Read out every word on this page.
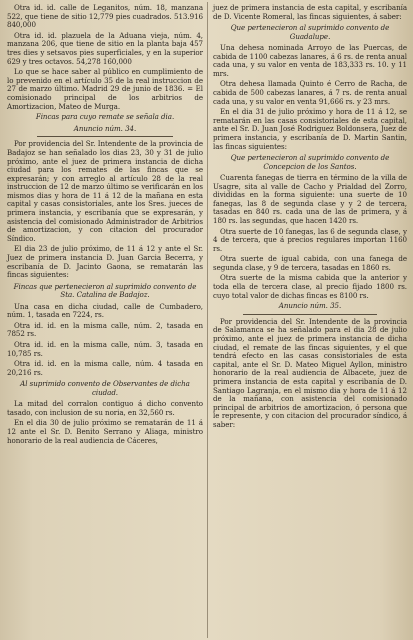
Otra id. id. calle de Leganitos, núm. 18, manzana 522, que tiene de sitio 12,779 pies cuadrados. 513.916 840,000
Otra id. id. plazuela de la Aduana vieja, núm. 4, manzana 206, que tiene de sitio en la planta baja 457 tres dies y setsavos pies superficiales, y en la superior 629 y tres octavos. 54,278 160,000
Lo que se hace saber al público en cumplimiento de lo prevenido en el artículo 35 de la real instruccion de 27 de marzo último. Madrid 29 de junio de 1836. = El comisionado principal de los arbitrios de Amortizacion, Mateo de Murga.
Fincas para cuyo remate se señala dia.
Anuncio núm. 34.
Por providencia del Sr. Intendente de la provincia de Badajoz se han señalado los dias 23, 30 y 31 de julio próximo, ante el juez de primera instancia de dicha ciudad para los remates de las fincas que se expresarán; y con arreglo al artículo 28 de la real instruccion de 12 de marzo último se verificarán en los mismos dias y hora de 11 á 12 de la mañana en esta capital y casas consistoriales, ante los Sres. jueces de primera instancia, y escribanía que se expresarán, y asistencia del comisionado Administrador de Arbitrios de amortizacion, y con citacion del procurador Síndico.
El dia 23 de julio próximo, de 11 á 12 y ante el Sr. Juez de primera instancia D. Juan Garcia Becerra, y escribanía de D. Jacinto Gaona, se rematarán las fincas siguientes:
Fincas que pertenecieron al suprimido convento de Sta. Catalina de Badajoz.
Una casa en dicha ciudad, calle de Cumbadero, núm. 1, tasada en 7224, rs.
Otra id. id. en la misma calle, núm. 2, tasada en 7852 rs.
Otra id. id. en la misma calle, núm. 3, tasada en 10,785 rs.
Otra id. id. en la misma calle, núm. 4 tasada en 20,216 rs.
Al suprimido convento de Observantes de dicha ciudad.
La mitad del corralon contiguo á dicho convento tasado, con inclusion de su noria, en 32,560 rs.
En el dia 30 de julio próximo se rematarán de 11 á 12 ante el Sr. D. Benito Serrano y Aliaga, ministro honorario de la real audiencia de Cáceres,
juez de primera instancia de esta capital, y escribanía de D. Vicente Romeral, las fincas siguientes, á saber:
Que pertenecieron al suprimido convento de Guadalupe.
Una dehesa nominada Arroyo de las Puercas, de cabida de 1100 cabezas lanares, á 6 rs. de renta anual cada una, y su valor en venta de 183,333 rs. 10. y 11 mrs.
Otra dehesa llamada Quinto é Cerro de Racha, de cabida de 500 cabezas lanares, á 7 rs. de renta anual cada una, y su valor en venta 91,666 rs. y 23 mrs.
En el dia 31 de julio próximo y hora de 11 á 12, se rematarán en las casas consistoriales de esta capital, ante el Sr. D. Juan José Rodriguez Boldonsera, Juez de primera instancia, y escribanía de D. Martin Santin, las fincas siguientes:
Que pertenecieron al suprimido convento de Concepcion de los Santos.
Cuarenta fanegas de tierra en término de la villa de Usagre, sita al valle de Cacho y Prialdad del Zorro, divididas en la forma siguiente: una suerte de 10 fanegas, las 8 de segunda clase y y 2 de tercera, tasadas en 840 rs. cada una de las de primera, y á 180 rs. las segundas, que hacen 1420 rs.
Otra suerte de 10 fanegas, las 6 de segunda clase, y 4 de tercera, que á precios regulares importan 1160 rs.
Otra suerte de igual cabida, con una fanega de segunda clase, y 9 de tercera, tasadas en 1860 rs.
Otra suerte de la misma cabida que la anterior y toda ella de tercera clase, al precio fijado 1800 rs. cuyo total valor de dichas fincas es 8100 rs.
Anuncio núm. 35.
Por providencia del Sr. Intendente de la provincia de Salamanca se ha señalado para el dia 28 de julio próximo, ante el juez de primera instancia de dicha ciudad, el remate de las fincas siguientes, y el que tendrá efecto en las casas consistoriales de esta capital, ante el Sr. D. Mateo Miguel Ayllon, ministro honorario de la real audiencia de Albacete, juez de primera instancia de esta capital y escribanía de D. Santiago Lagranja, en el mismo dia y hora de 11 á 12 de la mañana, con asistencia del comisionado principal de arbitrios de amortizacion, ó persona que le represente, y con citacion del procurador síndico, á saber:
